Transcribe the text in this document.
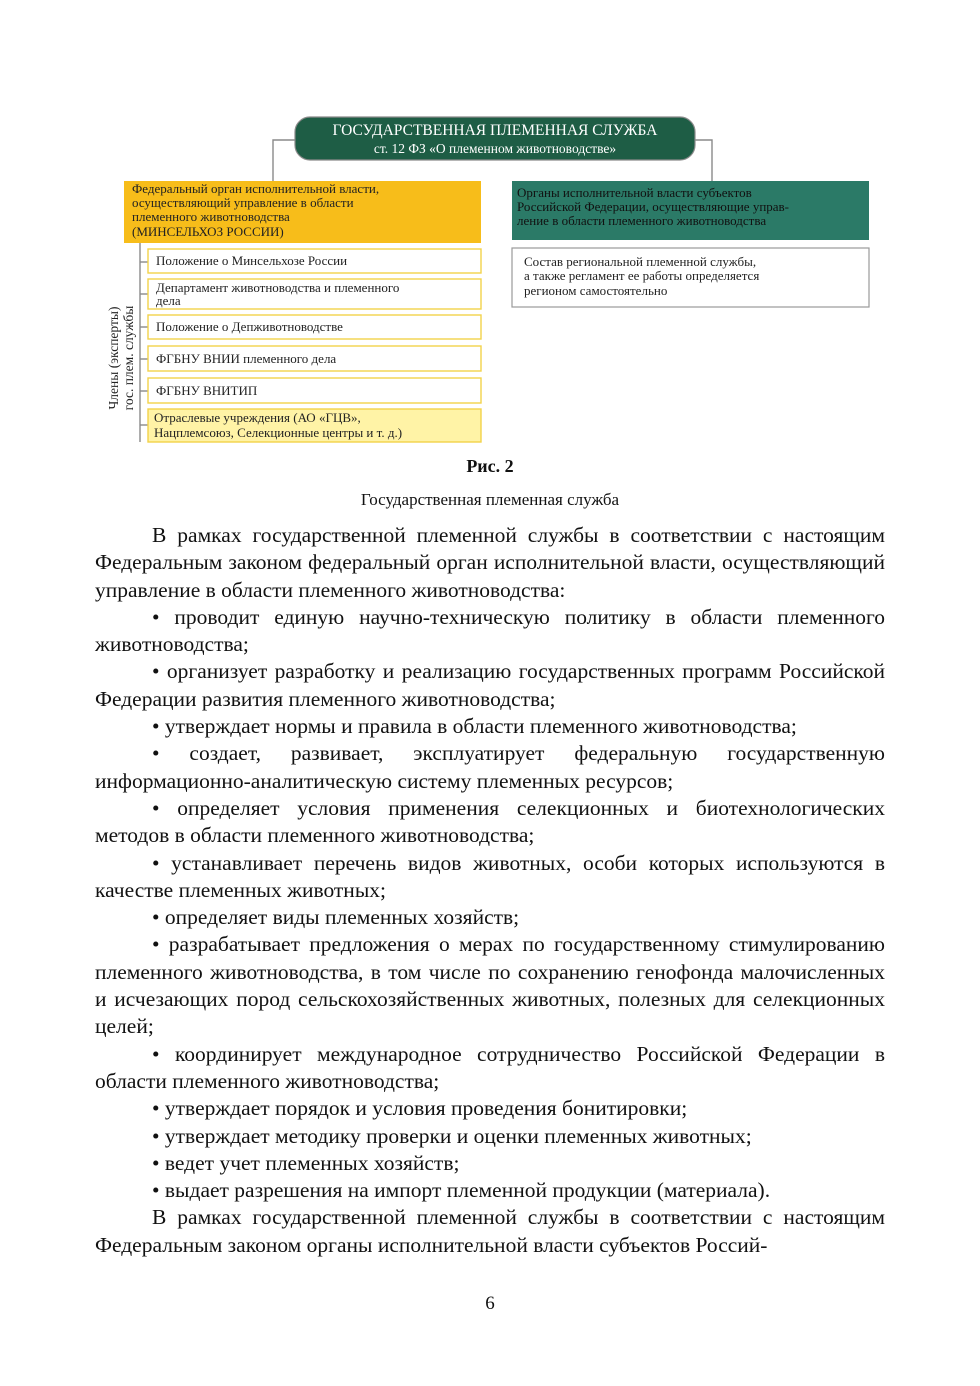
ГОСУДАРСТВЕННАЯ ПЛЕМЕННАЯ СЛУЖБА
ст. 12 ФЗ «О племенном животноводстве»
Федеральный орган исполнительной власти,
осуществляющий управление в области
племенного животноводства
(МИНСЕЛЬХОЗ РОССИИ)
Органы исполнительной власти субъектов
Российской Федерации, осуществляющие управ-
ление в области племенного животноводства
Состав региональной племенной службы,
а также регламент ее работы определяется
регионом самостоятельно
Члены (эксперты) гос. плем. службы
Положение о Минсельхозе России
Департамент животноводства и племенного
дела
Положение о Депживотноводстве
ФГБНУ ВНИИ племенного дела
ФГБНУ ВНИТИП
Отраслевые учреждения (АО «ГЦВ»,
Нацплемсоюз, Селекционные центры и т. д.)
Рис. 2
Государственная племенная служба

В рамках государственной племенной службы в соответствии с настоящим Федеральным законом федеральный орган исполнительной власти, осуществляющий управление в области племенного животноводства:

• проводит единую научно-техническую политику в области племенного животноводства;

• организует разработку и реализацию государственных программ Российской Федерации развития племенного животноводства;

• утверждает нормы и правила в области племенного животноводства;

• создает, развивает, эксплуатирует федеральную государственную информационно-аналитическую систему племенных ресурсов;

• определяет условия применения селекционных и биотехнологических методов в области племенного животноводства;

• устанавливает перечень видов животных, особи которых используются в качестве племенных животных;

• определяет виды племенных хозяйств;

• разрабатывает предложения о мерах по государственному стимулированию племенного животноводства, в том числе по сохранению генофонда малочисленных и исчезающих пород сельскохозяйственных животных, полезных для селекционных целей;

• координирует международное сотрудничество Российской Федерации в области племенного животноводства;

• утверждает порядок и условия проведения бонитировки;

• утверждает методику проверки и оценки племенных животных;

• ведет учет племенных хозяйств;

• выдает разрешения на импорт племенной продукции (материала).

В рамках государственной племенной службы в соответствии с настоящим Федеральным законом органы исполнительной власти субъектов Россий-

6
